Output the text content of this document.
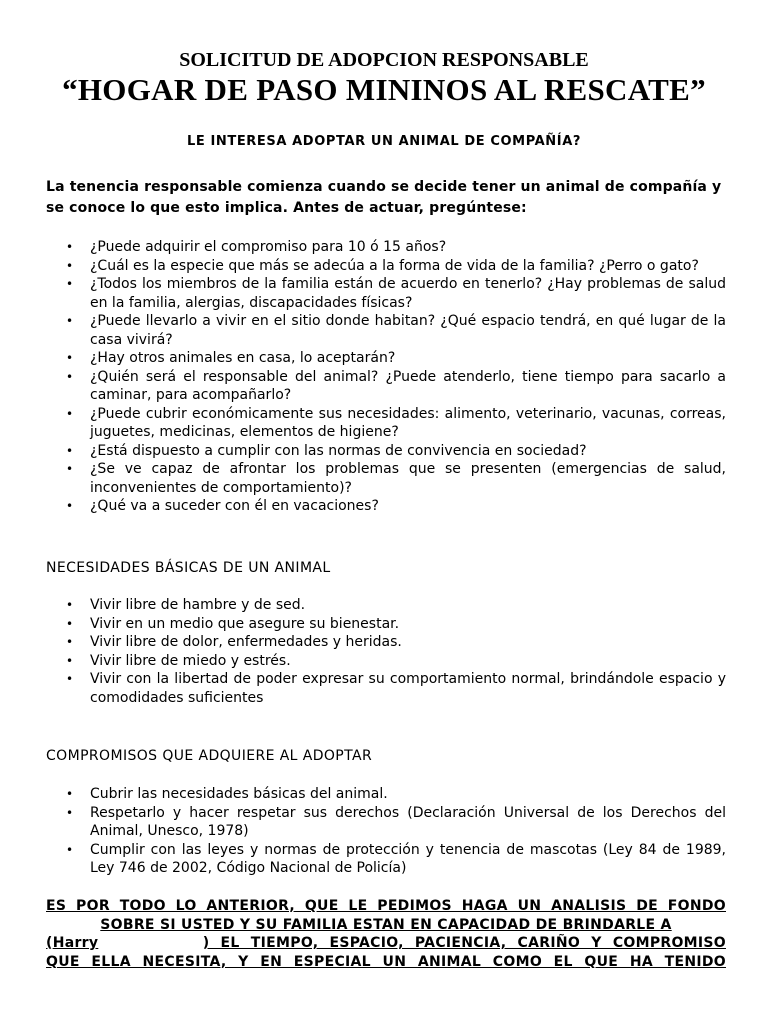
SOLICITUD DE ADOPCION RESPONSABLE
“HOGAR DE PASO MININOS AL RESCATE”
LE INTERESA ADOPTAR UN ANIMAL DE COMPAÑÍA?
La tenencia responsable comienza cuando se decide tener un animal de compañía y se conoce lo que esto implica. Antes de actuar, pregúntese:
• ¿Puede adquirir el compromiso para 10 ó 15 años?
• ¿Cuál es la especie que más se adecúa a la forma de vida de la familia? ¿Perro o gato?
• ¿Todos los miembros de la familia están de acuerdo en tenerlo? ¿Hay problemas de salud en la familia, alergias, discapacidades físicas?
• ¿Puede llevarlo a vivir en el sitio donde habitan? ¿Qué espacio tendrá, en qué lugar de la casa vivirá?
• ¿Hay otros animales en casa, lo aceptarán?
• ¿Quién será el responsable del animal? ¿Puede atenderlo, tiene tiempo para sacarlo a caminar, para acompañarlo?
• ¿Puede cubrir económicamente sus necesidades: alimento, veterinario, vacunas, correas, juguetes, medicinas, elementos de higiene?
• ¿Está dispuesto a cumplir con las normas de convivencia en sociedad?
• ¿Se ve capaz de afrontar los problemas que se presenten (emergencias de salud, inconvenientes de comportamiento)?
• ¿Qué va a suceder con él en vacaciones?
NECESIDADES BÁSICAS DE UN ANIMAL
• Vivir libre de hambre y de sed.
• Vivir en un medio que asegure su bienestar.
• Vivir libre de dolor, enfermedades y heridas.
• Vivir libre de miedo y estrés.
• Vivir con la libertad de poder expresar su comportamiento normal, brindándole espacio y comodidades suficientes
COMPROMISOS QUE ADQUIERE AL ADOPTAR
• Cubrir las necesidades básicas del animal.
• Respetarlo y hacer respetar sus derechos (Declaración Universal de los Derechos del Animal, Unesco, 1978)
• Cumplir con las leyes y normas de protección y tenencia de mascotas (Ley 84 de 1989, Ley 746 de 2002, Código Nacional de Policía)
ES POR TODO LO ANTERIOR, QUE LE PEDIMOS HAGA UN ANALISIS DE FONDO
SOBRE SI USTED Y SU FAMILIA ESTAN EN CAPACIDAD DE BRINDARLE A
(Harry	) EL TIEMPO, ESPACIO, PACIENCIA, CARIÑO Y COMPROMISO
QUE ELLA NECESITA, Y EN ESPECIAL UN ANIMAL COMO EL QUE HA TENIDO
